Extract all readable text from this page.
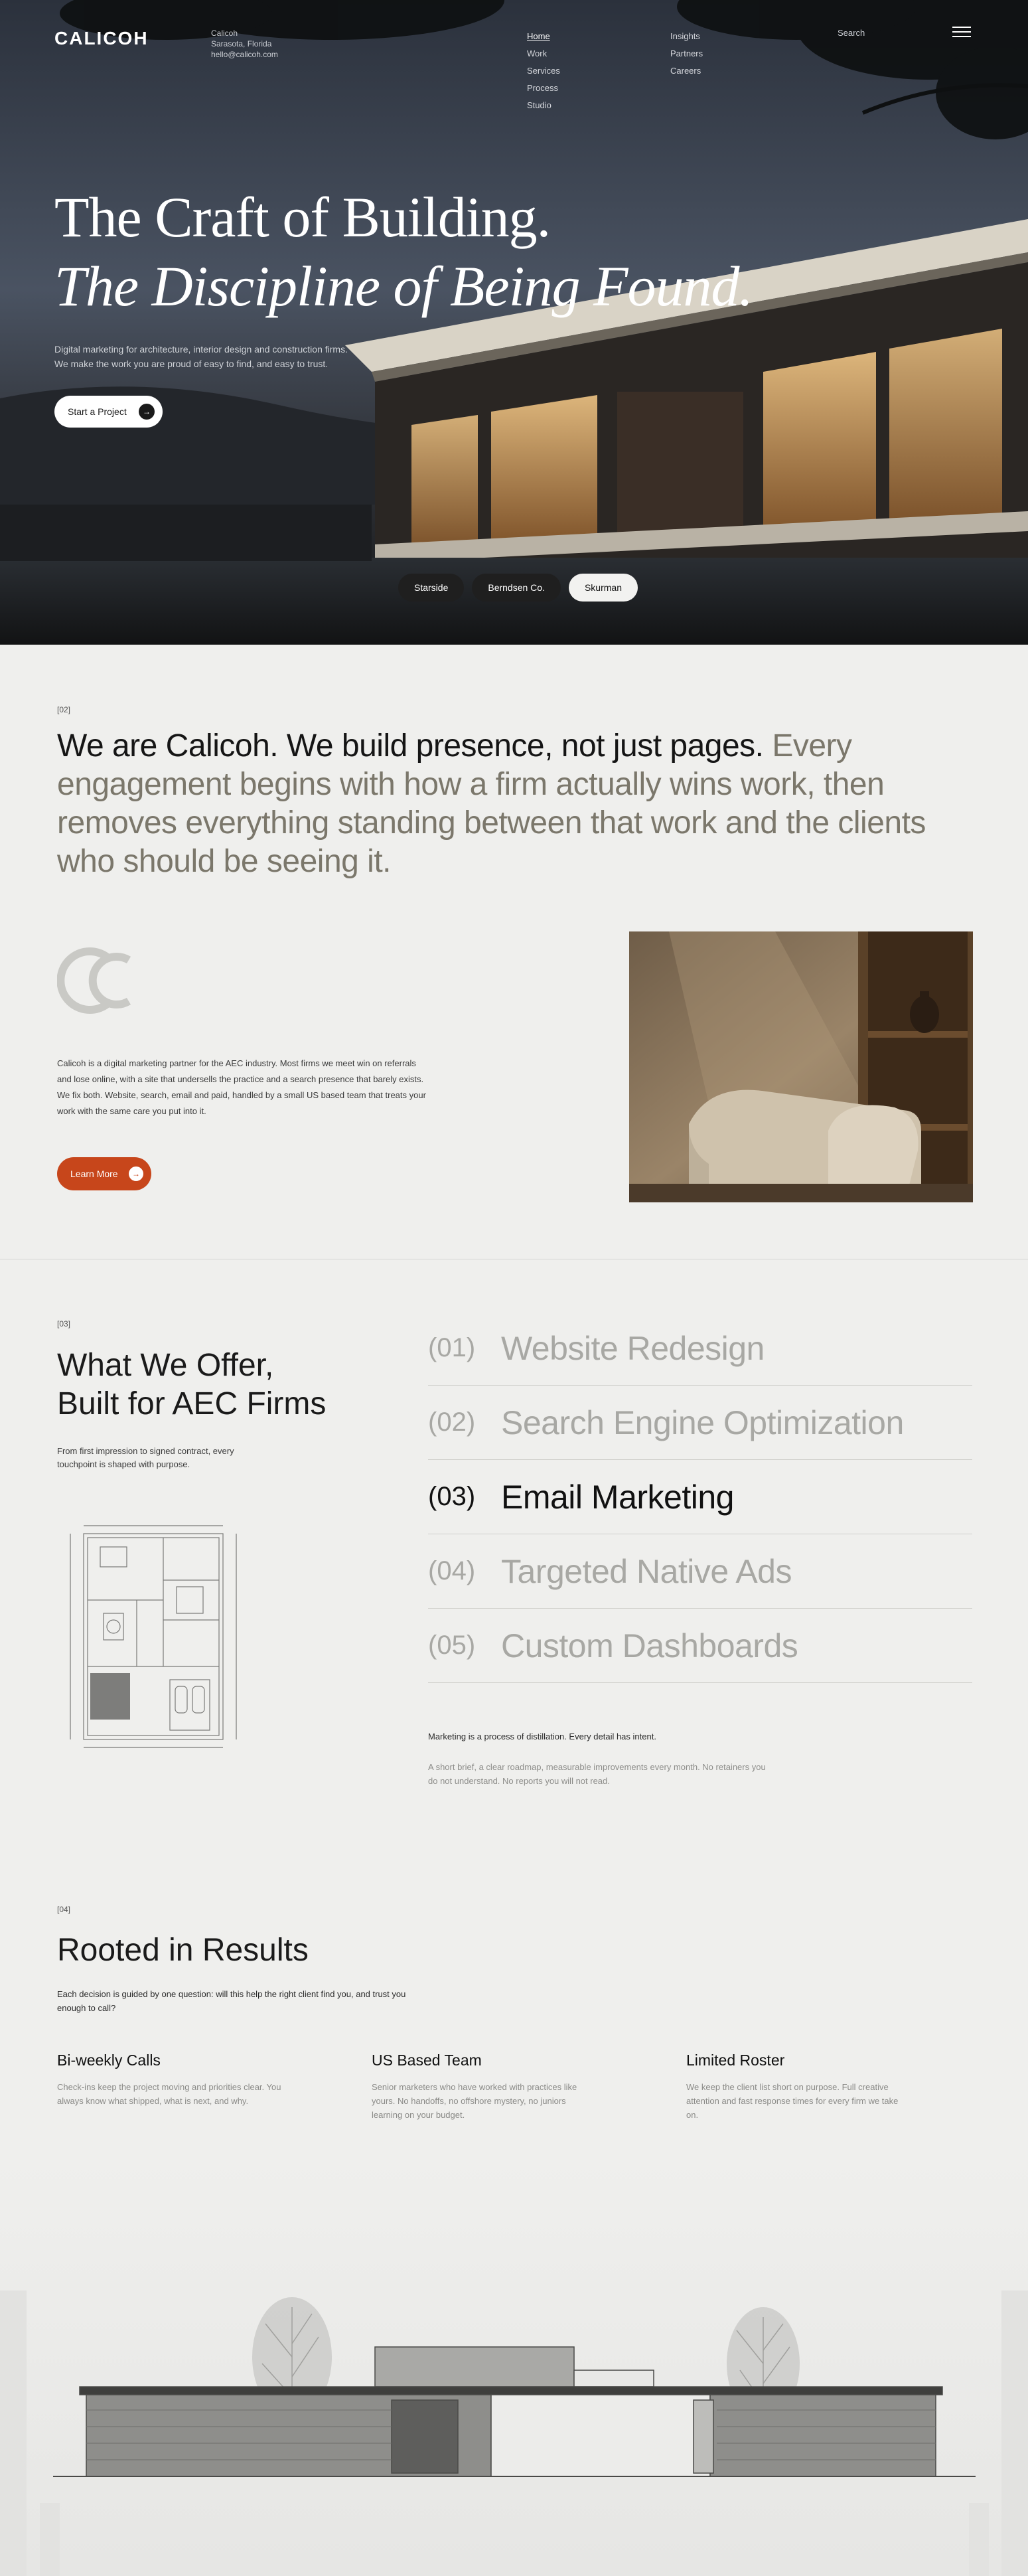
CALICOH	Calicoh
Sarasota, Florida
hello@calicoh.com
Home
Work
Services
Process
Studio
Insights
Partners
Careers
Search
The Craft of Building.
The Discipline of Being Found.
Digital marketing for architecture, interior design and construction firms.
We make the work you are proud of easy to find, and easy to trust.
Start a Project	→
Starside	Berndsen Co.	Skurman
[02]

We are Calicoh. We build presence, not just pages. Every engagement begins with how a firm actually wins work, then removes everything standing between that work and the clients who should be seeing it.

Calicoh is a digital marketing partner for the AEC industry. Most firms we meet win on referrals and lose online, with a site that undersells the practice and a search presence that barely exists. We fix both. Website, search, email and paid, handled by a small US based team that treats your work with the same care you put into it.

Learn More	→
[03]
What We Offer,
Built for AEC Firms

From first impression to signed contract, every touchpoint is shaped with purpose.

(01) Website Redesign
(02) Search Engine Optimization
(03) Email Marketing
(04) Targeted Native Ads
(05) Custom Dashboards

Marketing is a process of distillation. Every detail has intent.

A short brief, a clear roadmap, measurable improvements every month. No retainers you do not understand. No reports you will not read.

[04]
Rooted in Results

Each decision is guided by one question: will this help the right client find you, and trust you enough to call?

Bi-weekly Calls

Check-ins keep the project moving and priorities clear. You always know what shipped, what is next, and why.

US Based Team

Senior marketers who have worked with practices like yours. No handoffs, no offshore mystery, no juniors learning on your budget.

Limited Roster

We keep the client list short on purpose. Full creative attention and fast response times for every firm we take on.
